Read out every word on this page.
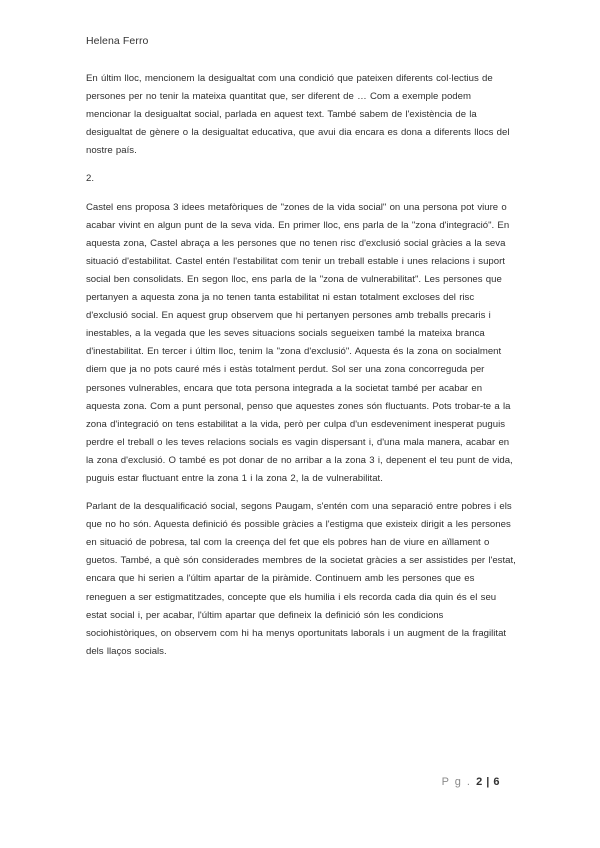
Helena Ferro

En últim lloc, mencionem la desigualtat com una condició que pateixen diferents col·lectius de persones per no tenir la mateixa quantitat que, ser diferent de … Com a exemple podem mencionar la desigualtat social, parlada en aquest text. També sabem de l'existència de la desigualtat de gènere o la desigualtat educativa, que avui dia encara es dona a diferents llocs del nostre país.

2.

Castel ens proposa 3 idees metafòriques de "zones de la vida social" on una persona pot viure o acabar vivint en algun punt de la seva vida. En primer lloc, ens parla de la "zona d'integració". En aquesta zona, Castel abraça a les persones que no tenen risc d'exclusió social gràcies a la seva situació d'estabilitat. Castel entén l'estabilitat com tenir un treball estable i unes relacions i suport social ben consolidats. En segon lloc, ens parla de la "zona de vulnerabilitat". Les persones que pertanyen a aquesta zona ja no tenen tanta estabilitat ni estan totalment excloses del risc d'exclusió social. En aquest grup observem que hi pertanyen persones amb treballs precaris i inestables, a la vegada que les seves situacions socials segueixen també la mateixa branca d'inestabilitat. En tercer i últim lloc, tenim la "zona d'exclusió". Aquesta és la zona on socialment diem que ja no pots cauré més i estàs totalment perdut. Sol ser una zona concorreguda per persones vulnerables, encara que tota persona integrada a la societat també per acabar en aquesta zona. Com a punt personal, penso que aquestes zones són fluctuants. Pots trobar-te a la zona d'integració on tens estabilitat a la vida, però per culpa d'un esdeveniment inesperat puguis perdre el treball o les teves relacions socials es vagin dispersant i, d'una mala manera, acabar en la zona d'exclusió. O també es pot donar de no arribar a la zona 3 i, depenent el teu punt de vida, puguis estar fluctuant entre la zona 1 i la zona 2, la de vulnerabilitat.

Parlant de la desqualificació social, segons Paugam, s'entén com una separació entre pobres i els que no ho són. Aquesta definició és possible gràcies a l'estigma que existeix dirigit a les persones en situació de pobresa, tal com la creença del fet que els pobres han de viure en aïllament o guetos. També, a què són considerades membres de la societat gràcies a ser assistides per l'estat, encara que hi serien a l'últim apartar de la piràmide. Continuem amb les persones que es reneguen a ser estigmatitzades, concepte que els humilia i els recorda cada dia quin és el seu estat social i, per acabar, l'últim apartar que defineix la definició són les condicions sociohistòriques, on observem com hi ha menys oportunitats laborals i un augment de la fragilitat dels llaços socials.

P g . 2 | 6
